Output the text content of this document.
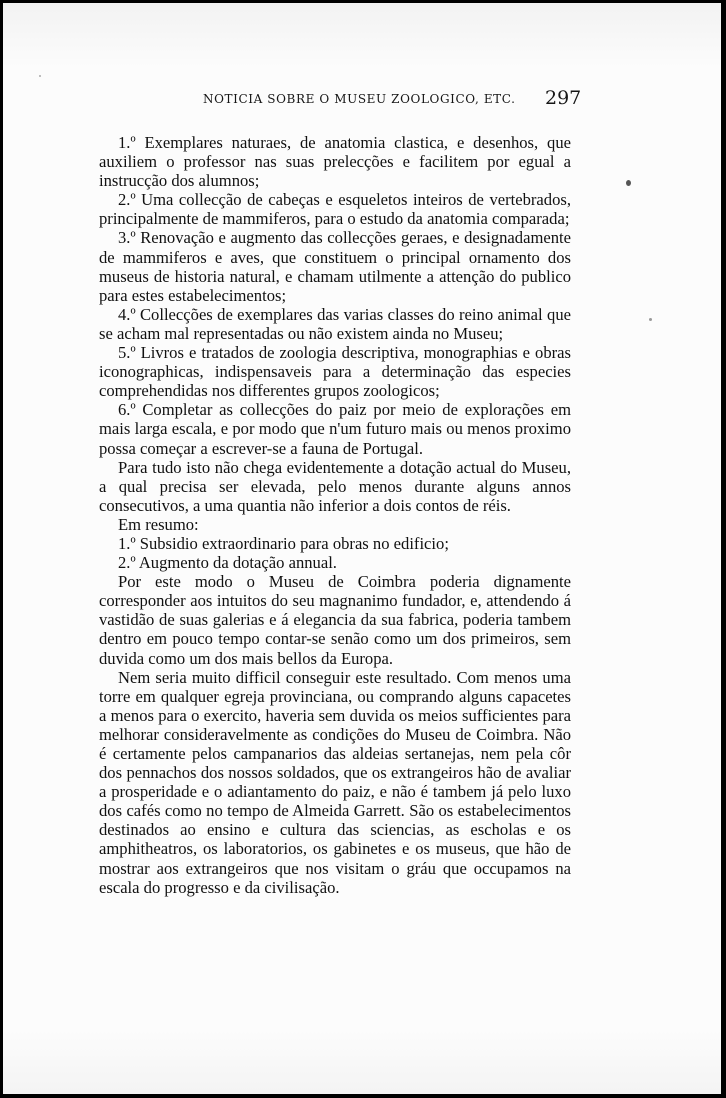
NOTICIA SOBRE O MUSEU ZOOLOGICO, ETC. 297

1.º Exemplares naturaes, de anatomia clastica, e desenhos, que auxiliem o professor nas suas prelecções e facilitem por egual a instrucção dos alumnos;

2.º Uma collecção de cabeças e esqueletos inteiros de vertebrados, principalmente de mammiferos, para o estudo da anatomia comparada;

3.º Renovação e augmento das collecções geraes, e designadamente de mammiferos e aves, que constituem o principal ornamento dos museus de historia natural, e chamam utilmente a attenção do publico para estes estabelecimentos;

4.º Collecções de exemplares das varias classes do reino animal que se acham mal representadas ou não existem ainda no Museu;

5.º Livros e tratados de zoologia descriptiva, monographias e obras iconographicas, indispensaveis para a determinação das especies comprehendidas nos differentes grupos zoologicos;

6.º Completar as collecções do paiz por meio de explorações em mais larga escala, e por modo que n'um futuro mais ou menos proximo possa começar a escrever-se a fauna de Portugal.

Para tudo isto não chega evidentemente a dotação actual do Museu, a qual precisa ser elevada, pelo menos durante alguns annos consecutivos, a uma quantia não inferior a dois contos de réis.

Em resumo:

1.º Subsidio extraordinario para obras no edificio;

2.º Augmento da dotação annual.

Por este modo o Museu de Coimbra poderia dignamente corresponder aos intuitos do seu magnanimo fundador, e, attendendo á vastidão de suas galerias e á elegancia da sua fabrica, poderia tambem dentro em pouco tempo contar-se senão como um dos primeiros, sem duvida como um dos mais bellos da Europa.

Nem seria muito difficil conseguir este resultado. Com menos uma torre em qualquer egreja provinciana, ou comprando alguns capacetes a menos para o exercito, haveria sem duvida os meios sufficientes para melhorar consideravelmente as condições do Museu de Coimbra. Não é certamente pelos campanarios das aldeias sertanejas, nem pela côr dos pennachos dos nossos soldados, que os extrangeiros hão de avaliar a prosperidade e o adiantamento do paiz, e não é tambem já pelo luxo dos cafés como no tempo de Almeida Garrett. São os estabelecimentos destinados ao ensino e cultura das sciencias, as escholas e os amphitheatros, os laboratorios, os gabinetes e os museus, que hão de mostrar aos extrangeiros que nos visitam o gráu que occupamos na escala do progresso e da civilisação.
